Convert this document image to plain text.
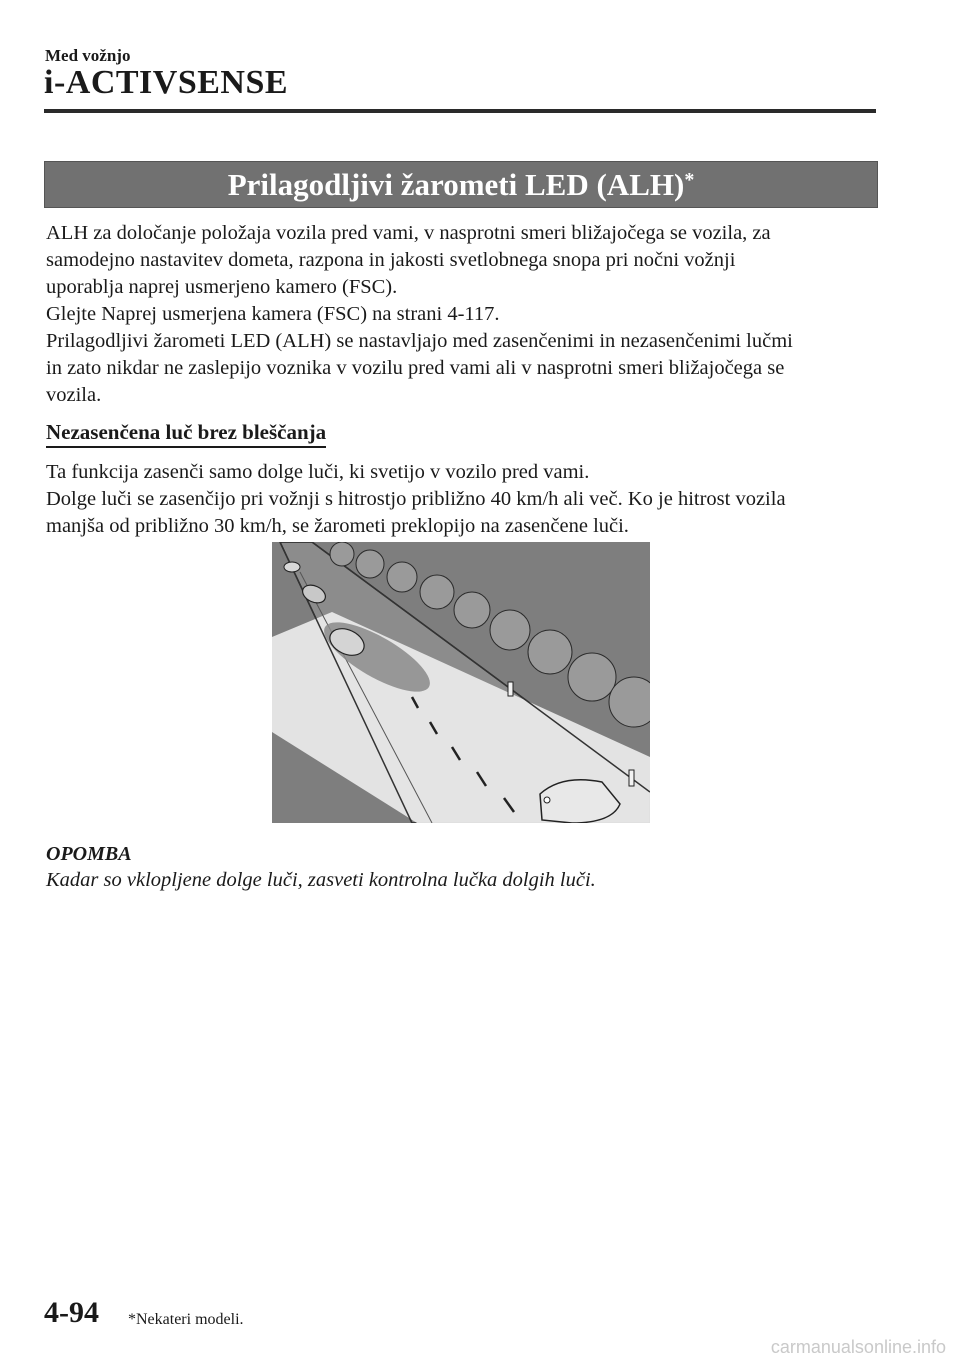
Med vožnjo
i-ACTIVSENSE
Prilagodljivi žarometi LED (ALH)*

ALH za določanje položaja vozila pred vami, v nasprotni smeri bližajočega se vozila, za

samodejno nastavitev dometa, razpona in jakosti svetlobnega snopa pri nočni vožnji

uporablja naprej usmerjeno kamero (FSC).

Glejte Naprej usmerjena kamera (FSC) na strani 4-117.

Prilagodljivi žarometi LED (ALH) se nastavljajo med zasenčenimi in nezasenčenimi lučmi

in zato nikdar ne zaslepijo voznika v vozilu pred vami ali v nasprotni smeri bližajočega se

vozila.

Nezasenčena luč brez bleščanja

Ta funkcija zasenči samo dolge luči, ki svetijo v vozilo pred vami.

Dolge luči se zasenčijo pri vožnji s hitrostjo približno 40 km/h ali več. Ko je hitrost vozila

manjša od približno 30 km/h, se žarometi preklopijo na zasenčene luči.

OPOMBA
Kadar so vklopljene dolge luči, zasveti kontrolna lučka dolgih luči.
4-94 *Nekateri modeli.
carmanualsonline.info
